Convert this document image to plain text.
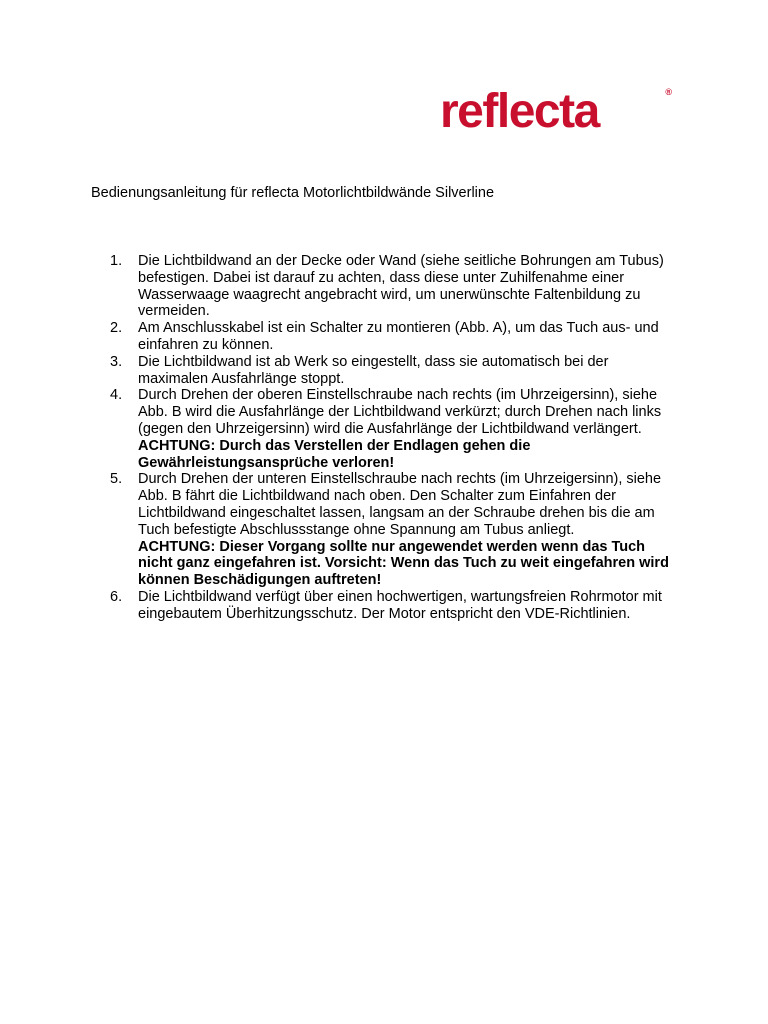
reflecta	®
Bedienungsanleitung für reflecta Motorlichtbildwände Silverline
1.	Die Lichtbildwand an der Decke oder Wand (siehe seitliche Bohrungen am Tubus) befestigen. Dabei ist darauf zu achten, dass diese unter Zuhilfenahme einer Wasserwaage waagrecht angebracht wird, um unerwünschte Faltenbildung zu vermeiden.
2.	Am Anschlusskabel ist ein Schalter zu montieren (Abb. A), um das Tuch aus- und einfahren zu können.
3.	Die Lichtbildwand ist ab Werk so eingestellt, dass sie automatisch bei der maximalen Ausfahrlänge stoppt.
4.	Durch Drehen der oberen Einstellschraube nach rechts (im Uhrzeigersinn), siehe Abb. B wird die Ausfahrlänge der Lichtbildwand verkürzt; durch Drehen nach links (gegen den Uhrzeigersinn) wird die Ausfahrlänge der Lichtbildwand verlängert.
ACHTUNG: Durch das Verstellen der Endlagen gehen die Gewährleistungsansprüche verloren!
5.	Durch Drehen der unteren Einstellschraube nach rechts (im Uhrzeigersinn), siehe Abb. B fährt die Lichtbildwand nach oben. Den Schalter zum Einfahren der Lichtbildwand eingeschaltet lassen, langsam an der Schraube drehen bis die am Tuch befestigte Abschlussstange ohne Spannung am Tubus anliegt.
ACHTUNG: Dieser Vorgang sollte nur angewendet werden wenn das Tuch nicht ganz eingefahren ist. Vorsicht: Wenn das Tuch zu weit eingefahren wird können Beschädigungen auftreten!
6.	Die Lichtbildwand verfügt über einen hochwertigen, wartungsfreien Rohrmotor mit eingebautem Überhitzungsschutz. Der Motor entspricht den VDE-Richtlinien.
